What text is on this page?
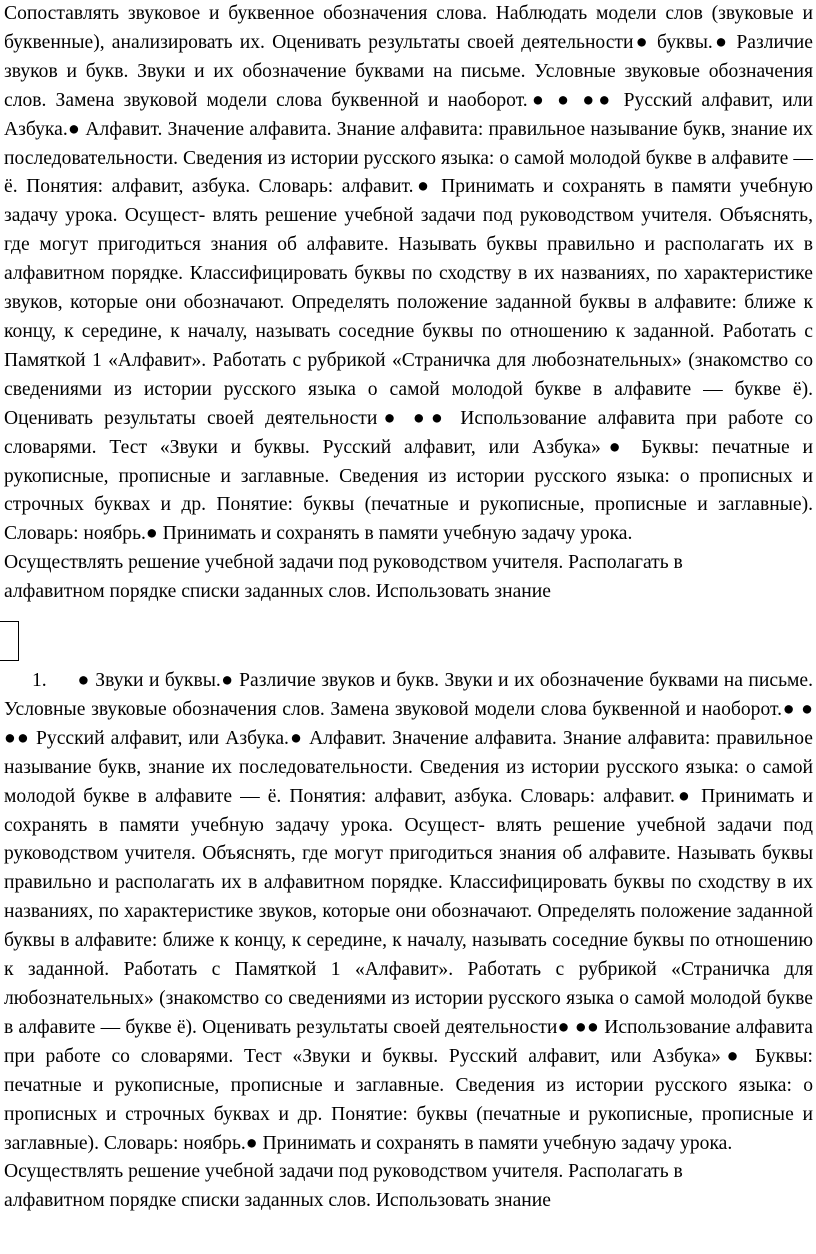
Сопоставлять звуковое и буквенное обозначения слова. Наблюдать модели слов (звуковые и буквенные), анализировать их. Оценивать результаты своей деятельности● буквы.● Различие звуков и букв. Звуки и их обозначение буквами на письме. Условные звуковые обозначения слов. Замена звуковой модели слова буквенной и наоборот.● ● ●● Русский алфавит, или Азбука.● Алфавит. Значение алфавита. Знание алфавита: правильное называние букв, знание их последовательности. Сведения из истории русского языка: о самой молодой букве в алфавите — ё. Понятия: алфавит, азбука. Словарь: алфавит.● Принимать и сохранять в памяти учебную задачу урока. Осущест- влять решение учебной задачи под руководством учителя. Объяснять, где могут пригодиться знания об алфавите. Называть буквы правильно и располагать их в алфавитном порядке. Классифицировать буквы по сходству в их названиях, по характеристике звуков, которые они обозначают. Определять положение заданной буквы в алфавите: ближе к концу, к середине, к началу, называть соседние буквы по отношению к заданной. Работать с Памяткой 1 «Алфавит». Работать с рубрикой «Страничка для любознательных» (знакомство со сведениями из истории русского языка о самой молодой букве в алфавите — букве ё). Оценивать результаты своей деятельности● ●● Использование алфавита при работе со словарями. Тест «Звуки и буквы. Русский алфавит, или Азбука»● Буквы: печатные и рукописные, прописные и заглавные. Сведения из истории русского языка: о прописных и строчных буквах и др. Понятие: буквы (печатные и рукописные, прописные и заглавные). Словарь: ноябрь.● Принимать и сохранять в памяти учебную задачу урока.
Осуществлять решение учебной задачи под руководством учителя. Располагать в
алфавитном порядке списки заданных слов. Использовать знание

1. ● Звуки и буквы.● Различие звуков и букв. Звуки и их обозначение буквами на письме. Условные звуковые обозначения слов. Замена звуковой модели слова буквенной и наоборот.● ● ●● Русский алфавит, или Азбука.● Алфавит. Значение алфавита. Знание алфавита: правильное называние букв, знание их последовательности. Сведения из истории русского языка: о самой молодой букве в алфавите — ё. Понятия: алфавит, азбука. Словарь: алфавит.● Принимать и сохранять в памяти учебную задачу урока. Осущест- влять решение учебной задачи под руководством учителя. Объяснять, где могут пригодиться знания об алфавите. Называть буквы правильно и располагать их в алфавитном порядке. Классифицировать буквы по сходству в их названиях, по характеристике звуков, которые они обозначают. Определять положение заданной буквы в алфавите: ближе к концу, к середине, к началу, называть соседние буквы по отношению к заданной. Работать с Памяткой 1 «Алфавит». Работать с рубрикой «Страничка для любознательных» (знакомство со сведениями из истории русского языка о самой молодой букве в алфавите — букве ё). Оценивать результаты своей деятельности● ●● Использование алфавита при работе со словарями. Тест «Звуки и буквы. Русский алфавит, или Азбука»● Буквы: печатные и рукописные, прописные и заглавные. Сведения из истории русского языка: о прописных и строчных буквах и др. Понятие: буквы (печатные и рукописные, прописные и заглавные). Словарь: ноябрь.● Принимать и сохранять в памяти учебную задачу урока.
Осуществлять решение учебной задачи под руководством учителя. Располагать в
алфавитном порядке списки заданных слов. Использовать знание
